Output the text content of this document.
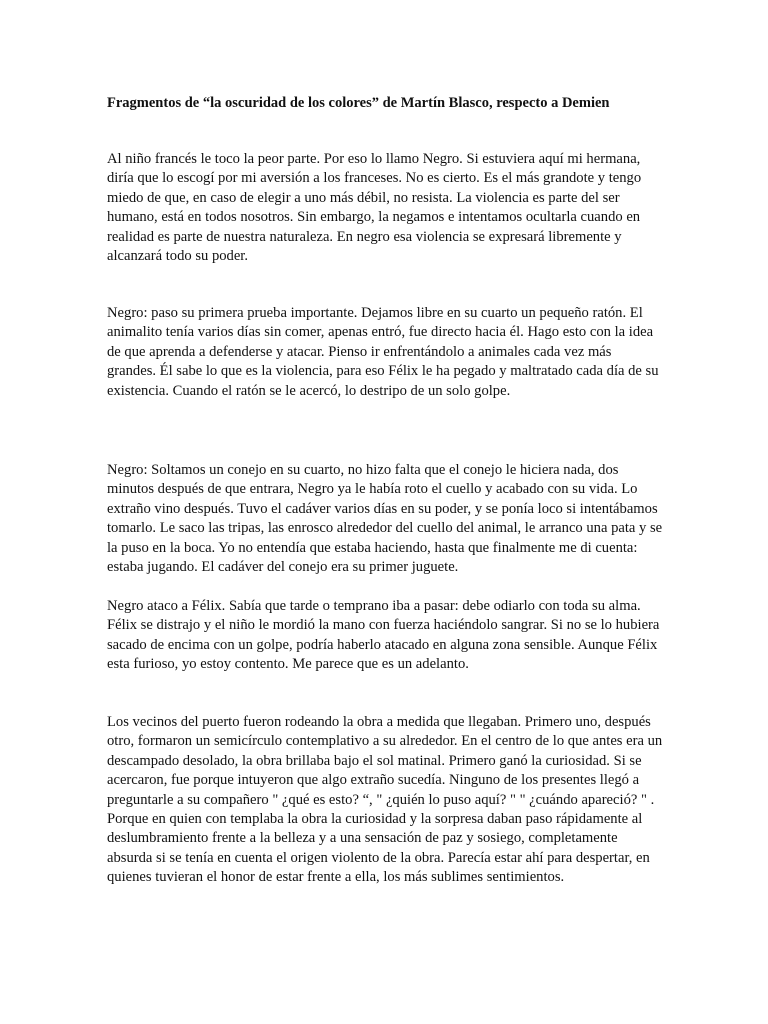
Fragmentos de “la oscuridad de los colores” de Martín Blasco, respecto a Demien

Al niño francés le toco la peor parte. Por eso lo llamo Negro. Si estuviera aquí mi hermana, diría que lo escogí por mi aversión a los franceses. No es cierto. Es el más grandote y tengo miedo de que, en caso de elegir a uno más débil, no resista. La violencia es parte del ser humano, está en todos nosotros. Sin embargo, la negamos e intentamos ocultarla cuando en realidad es parte de nuestra naturaleza. En negro esa violencia se expresará libremente y alcanzará todo su poder.

Negro: paso su primera prueba importante. Dejamos libre en su cuarto un pequeño ratón. El animalito tenía varios días sin comer, apenas entró, fue directo hacia él. Hago esto con la idea de que aprenda a defenderse y atacar. Pienso ir enfrentándolo a animales cada vez más grandes. Él sabe lo que es la violencia, para eso Félix le ha pegado y maltratado cada día de su existencia. Cuando el ratón se le acercó, lo destripo de un solo golpe.

Negro: Soltamos un conejo en su cuarto, no hizo falta que el conejo le hiciera nada, dos minutos después de que entrara, Negro ya le había roto el cuello y acabado con su vida. Lo extraño vino después. Tuvo el cadáver varios días en su poder, y se ponía loco si intentábamos tomarlo. Le saco las tripas, las enrosco alrededor del cuello del animal, le arranco una pata y se la puso en la boca. Yo no entendía que estaba haciendo, hasta que finalmente me di cuenta: estaba jugando. El cadáver del conejo era su primer juguete.

Negro ataco a Félix. Sabía que tarde o temprano iba a pasar: debe odiarlo con toda su alma. Félix se distrajo y el niño le mordió la mano con fuerza haciéndolo sangrar. Si no se lo hubiera sacado de encima con un golpe, podría haberlo atacado en alguna zona sensible. Aunque Félix esta furioso, yo estoy contento. Me parece que es un adelanto.

Los vecinos del puerto fueron rodeando la obra a medida que llegaban. Primero uno, después otro, formaron un semicírculo contemplativo a su alrededor. En el centro de lo que antes era un descampado desolado, la obra brillaba bajo el sol matinal. Primero ganó la curiosidad. Si se acercaron, fue porque intuyeron que algo extraño sucedía. Ninguno de los presentes llegó a preguntarle a su compañero " ¿qué es esto? “, " ¿quién lo puso aquí? " " ¿cuándo apareció? " . Porque en quien con templaba la obra la curiosidad y la sorpresa daban paso rápidamente al deslumbramiento frente a la belleza y a una sensación de paz y sosiego, completamente absurda si se tenía en cuenta el origen violento de la obra. Parecía estar ahí para despertar, en quienes tuvieran el honor de estar frente a ella, los más sublimes sentimientos.
